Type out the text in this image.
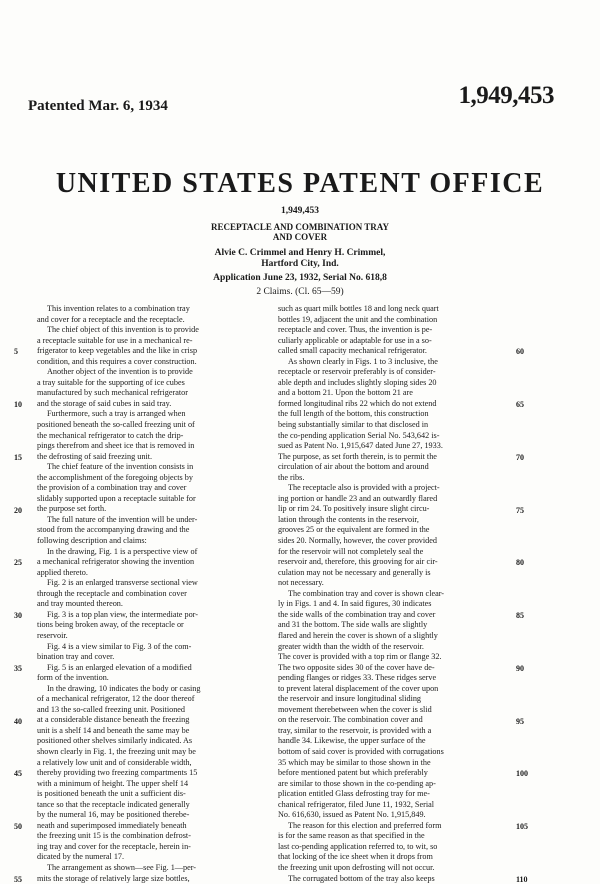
Patented Mar. 6, 1934	1,949,453
UNITED STATES PATENT OFFICE
1,949,453
RECEPTACLE AND COMBINATION TRAY
AND COVER
Alvie C. Crimmel and Henry H. Crimmel,
Hartford City, Ind.
Application June 23, 1932, Serial No. 618,8
2 Claims. (Cl. 65—59)
This invention relates to a combination tray
and cover for a receptacle and the receptacle.
The chief object of this invention is to provide
a receptacle suitable for use in a mechanical re-
frigerator to keep vegetables and the like in crisp
condition, and this requires a cover construction.
Another object of the invention is to provide
a tray suitable for the supporting of ice cubes
manufactured by such mechanical refrigerator
and the storage of said cubes in said tray.
Furthermore, such a tray is arranged when
positioned beneath the so-called freezing unit of
the mechanical refrigerator to catch the drip-
pings therefrom and sheet ice that is removed in
the defrosting of said freezing unit.
The chief feature of the invention consists in
the accomplishment of the foregoing objects by
the provision of a combination tray and cover
slidably supported upon a receptacle suitable for
the purpose set forth.
The full nature of the invention will be under-
stood from the accompanying drawing and the
following description and claims:
In the drawing, Fig. 1 is a perspective view of
a mechanical refrigerator showing the invention
applied thereto.
Fig. 2 is an enlarged transverse sectional view
through the receptacle and combination cover
and tray mounted thereon.
Fig. 3 is a top plan view, the intermediate por-
tions being broken away, of the receptacle or
reservoir.
Fig. 4 is a view similar to Fig. 3 of the com-
bination tray and cover.
Fig. 5 is an enlarged elevation of a modified
form of the invention.
In the drawing, 10 indicates the body or casing
of a mechanical refrigerator, 12 the door thereof
and 13 the so-called freezing unit. Positioned
at a considerable distance beneath the freezing
unit is a shelf 14 and beneath the same may be
positioned other shelves similarly indicated. As
shown clearly in Fig. 1, the freezing unit may be
a relatively low unit and of considerable width,
thereby providing two freezing compartments 15
with a minimum of height. The upper shelf 14
is positioned beneath the unit a sufficient dis-
tance so that the receptacle indicated generally
by the numeral 16, may be positioned therebe-
neath and superimposed immediately beneath
the freezing unit 15 is the combination defrost-
ing tray and cover for the receptacle, herein in-
dicated by the numeral 17.
The arrangement as shown—see Fig. 1—per-
mits the storage of relatively large size bottles,
such as quart milk bottles 18 and long neck quart
bottles 19, adjacent the unit and the combination
receptacle and cover. Thus, the invention is pe-
culiarly applicable or adaptable for use in a so-
called small capacity mechanical refrigerator.
As shown clearly in Figs. 1 to 3 inclusive, the
receptacle or reservoir preferably is of consider-
able depth and includes slightly sloping sides 20
and a bottom 21. Upon the bottom 21 are
formed longitudinal ribs 22 which do not extend
the full length of the bottom, this construction
being substantially similar to that disclosed in
the co-pending application Serial No. 543,642 is-
sued as Patent No. 1,915,647 dated June 27, 1933.
The purpose, as set forth therein, is to permit the
circulation of air about the bottom and around
the ribs.
The receptacle also is provided with a project-
ing portion or handle 23 and an outwardly flared
lip or rim 24. To positively insure slight circu-
lation through the contents in the reservoir,
grooves 25 or the equivalent are formed in the
sides 20. Normally, however, the cover provided
for the reservoir will not completely seal the
reservoir and, therefore, this grooving for air cir-
culation may not be necessary and generally is
not necessary.
The combination tray and cover is shown clear-
ly in Figs. 1 and 4. In said figures, 30 indicates
the side walls of the combination tray and cover
and 31 the bottom. The side walls are slightly
flared and herein the cover is shown of a slightly
greater width than the width of the reservoir.
The cover is provided with a top rim or flange 32.
The two opposite sides 30 of the cover have de-
pending flanges or ridges 33. These ridges serve
to prevent lateral displacement of the cover upon
the reservoir and insure longitudinal sliding
movement therebetween when the cover is slid
on the reservoir. The combination cover and
tray, similar to the reservoir, is provided with a
handle 34. Likewise, the upper surface of the
bottom of said cover is provided with corrugations
35 which may be similar to those shown in the
before mentioned patent but which preferably
are similar to those shown in the co-pending ap-
plication entitled Glass defrosting tray for me-
chanical refrigerator, filed June 11, 1932, Serial
No. 616,630, issued as Patent No. 1,915,849.
The reason for this election and preferred form
is for the same reason as that specified in the
last co-pending application referred to, to wit, so
that locking of the ice sheet when it drops from
the freezing unit upon defrosting will not occur.
The corrugated bottom of the tray also keeps
5
10
15
20
25
30
35
40
45
50
55
60
65
70
75
80
85
90
95
100
105
110
